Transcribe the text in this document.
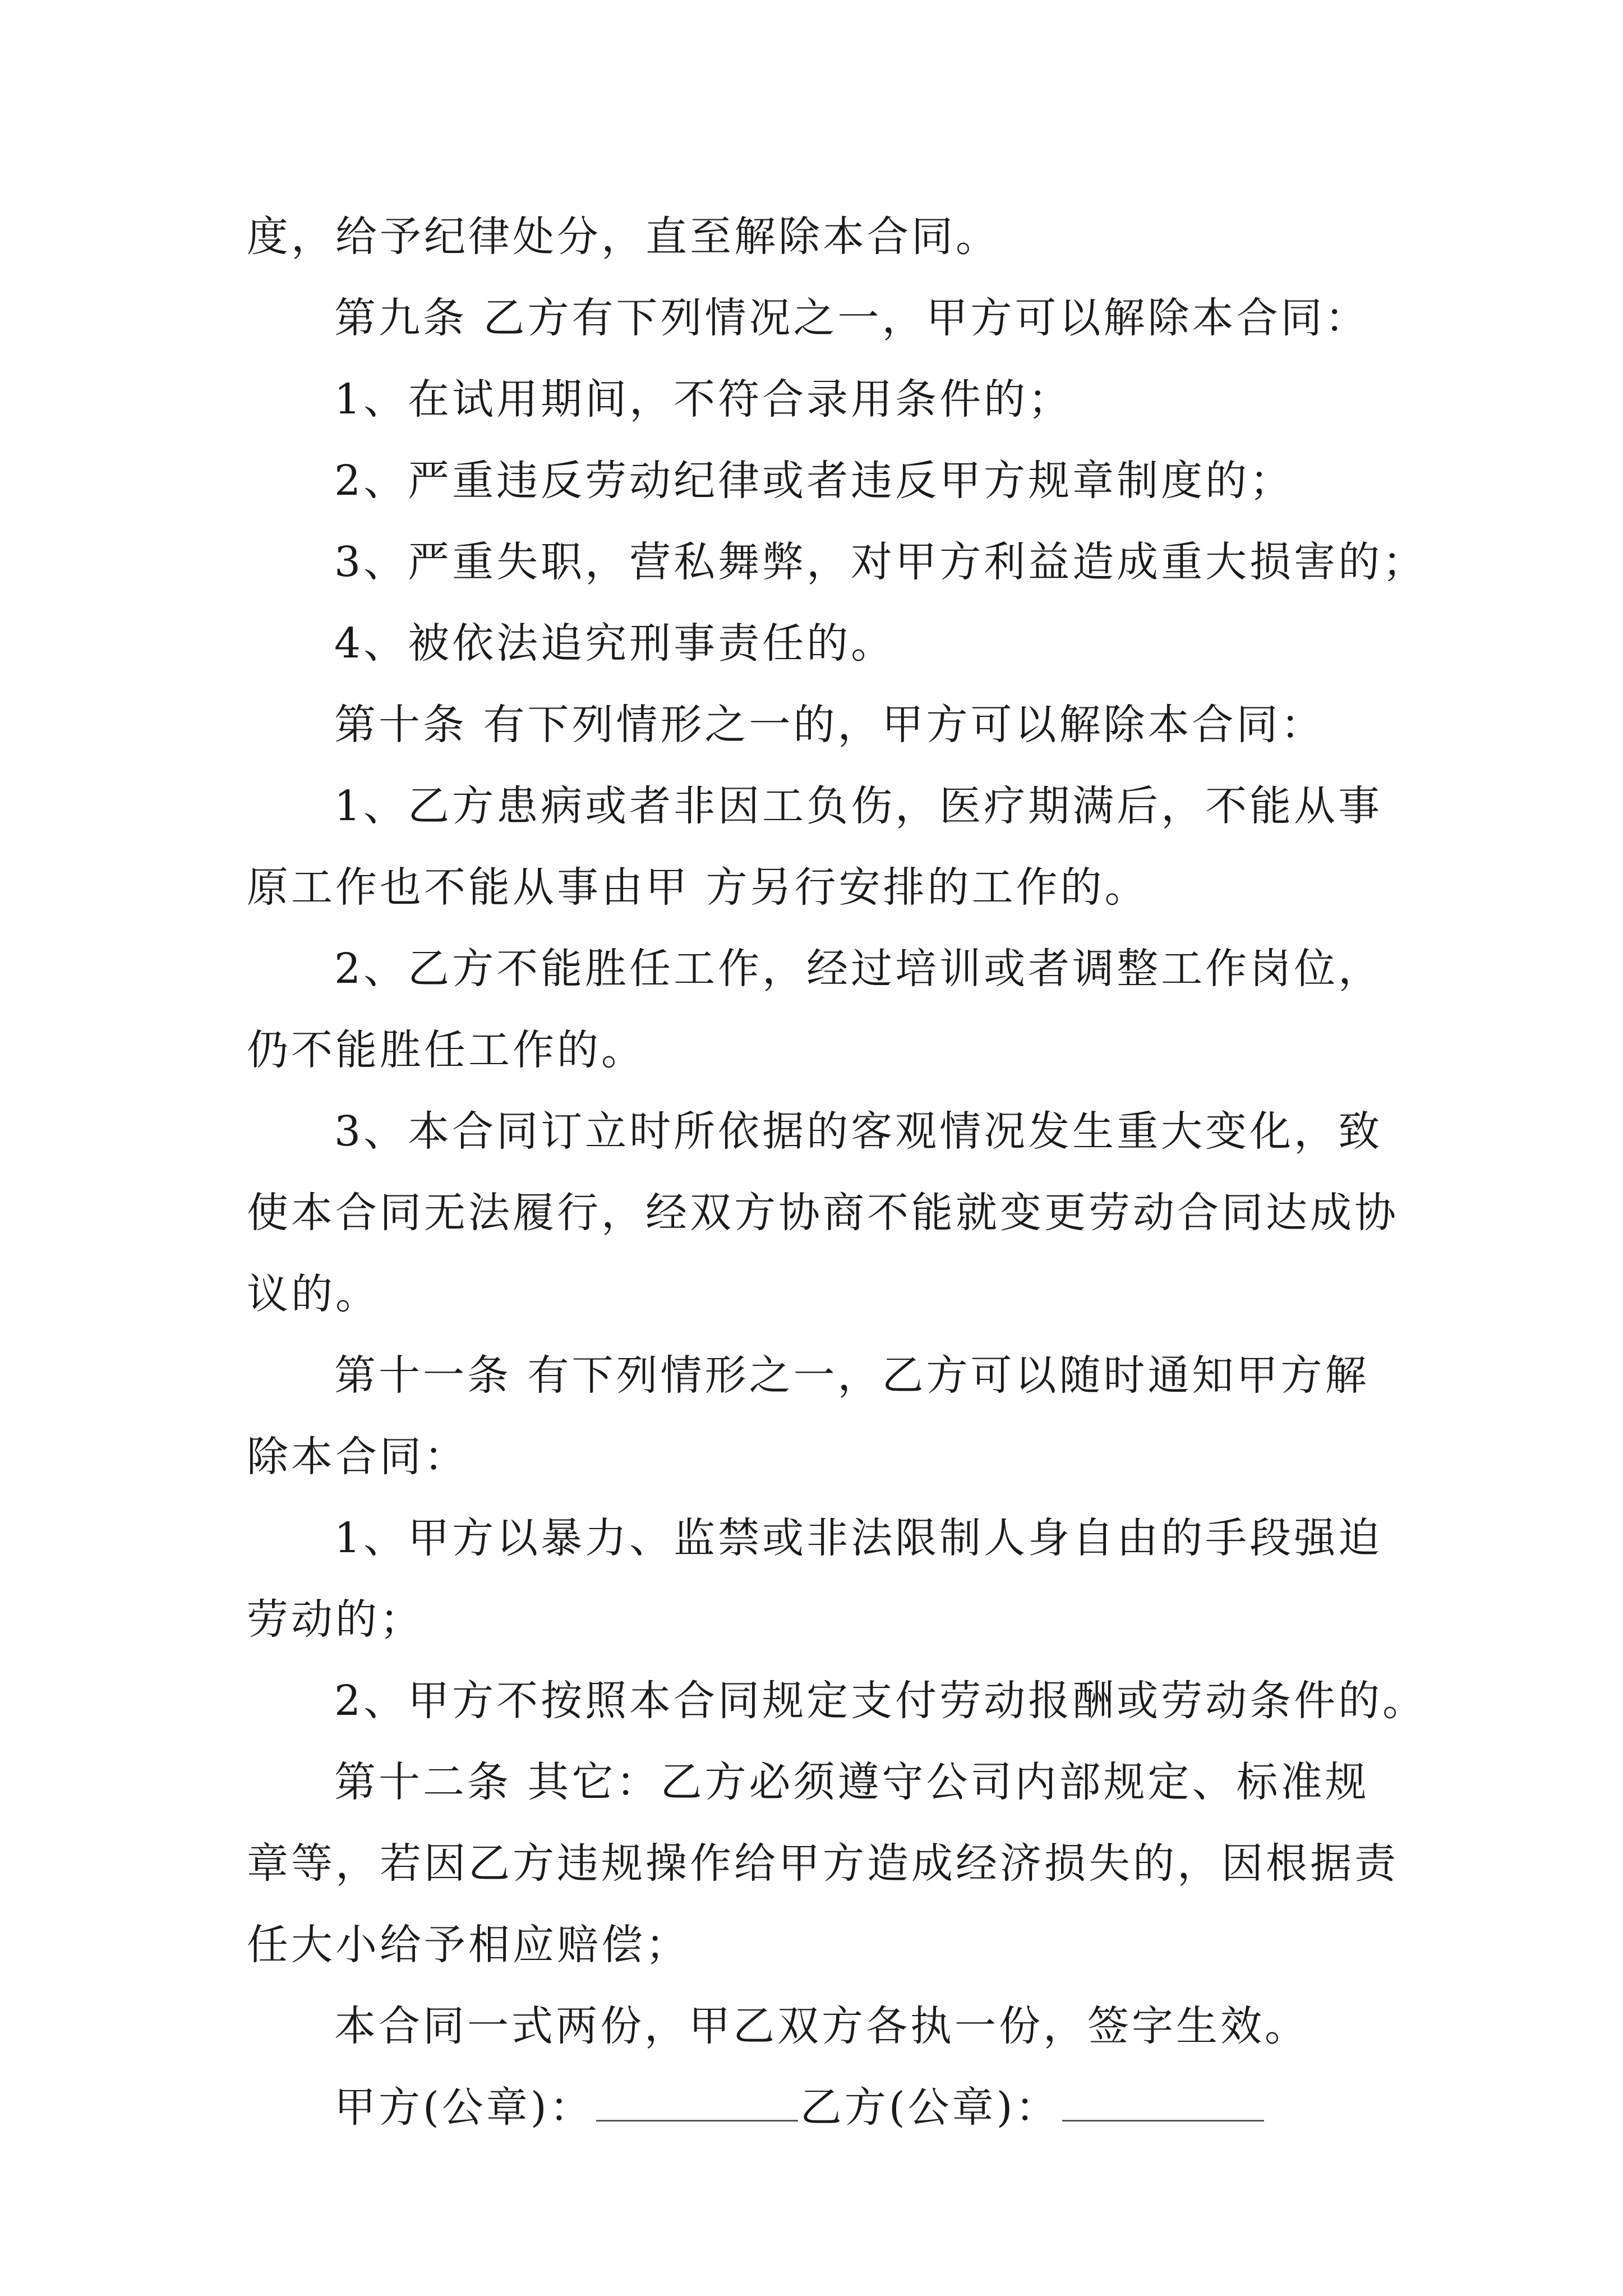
度，给予纪律处分，直至解除本合同。
第九条 乙方有下列情况之一，甲方可以解除本合同：
1、在试用期间，不符合录用条件的；
2、严重违反劳动纪律或者违反甲方规章制度的；
3、严重失职，营私舞弊，对甲方利益造成重大损害的；
4、被依法追究刑事责任的。
第十条 有下列情形之一的，甲方可以解除本合同：
1、乙方患病或者非因工负伤，医疗期满后，不能从事
原工作也不能从事由甲 方另行安排的工作的。
2、乙方不能胜任工作，经过培训或者调整工作岗位，
仍不能胜任工作的。
3、本合同订立时所依据的客观情况发生重大变化，致
使本合同无法履行，经双方协商不能就变更劳动合同达成协
议的。
第十一条 有下列情形之一，乙方可以随时通知甲方解
除本合同：
1、甲方以暴力、监禁或非法限制人身自由的手段强迫
劳动的；
2、甲方不按照本合同规定支付劳动报酬或劳动条件的。
第十二条 其它：乙方必须遵守公司内部规定、标准规
章等，若因乙方违规操作给甲方造成经济损失的，因根据责
任大小给予相应赔偿；
本合同一式两份，甲乙双方各执一份，签字生效。
甲方(公章)：	乙方(公章)：
